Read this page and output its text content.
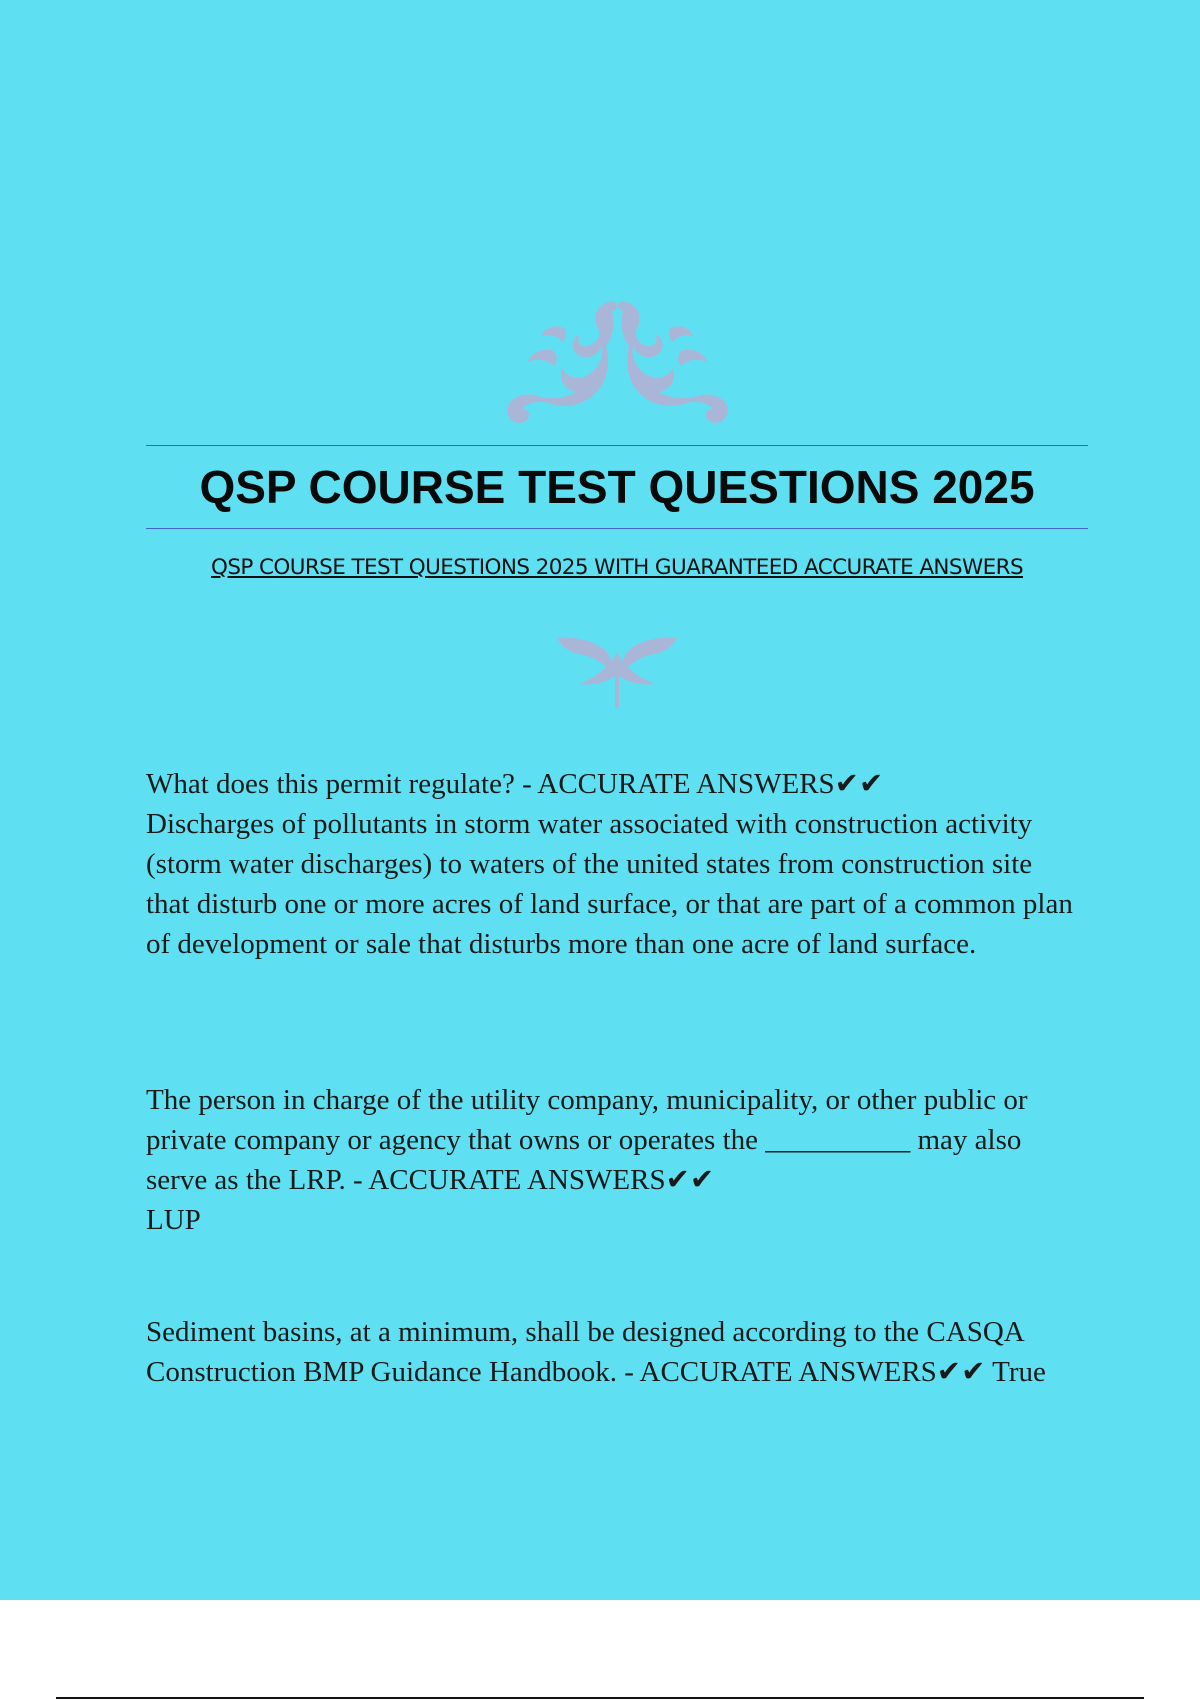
QSP COURSE TEST QUESTIONS 2025

QSP COURSE TEST QUESTIONS 2025 WITH GUARANTEED ACCURATE ANSWERS

What does this permit regulate? - ACCURATE ANSWERS✔✔
Discharges of pollutants in storm water associated with construction activity (storm water discharges) to waters of the united states from construction site that disturb one or more acres of land surface, or that are part of a common plan of development or sale that disturbs more than one acre of land surface.
The person in charge of the utility company, municipality, or other public or private company or agency that owns or operates the __________ may also serve as the LRP. - ACCURATE ANSWERS✔✔
LUP
Sediment basins, at a minimum, shall be designed according to the CASQA Construction BMP Guidance Handbook. - ACCURATE ANSWERS✔✔ True
